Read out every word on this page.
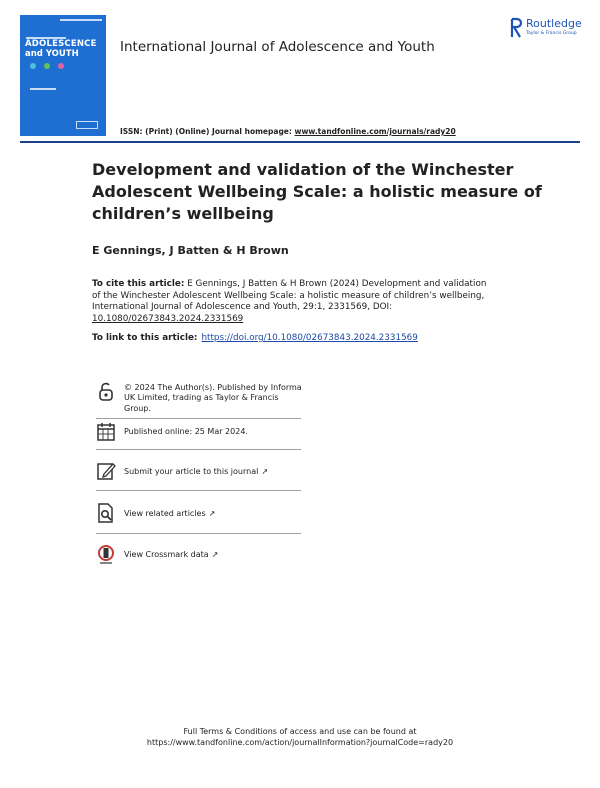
ADOLESCENCE
and YOUTH	International Journal of Adolescence and Youth
Routledge
Taylor & Francis Group
ISSN: (Print) (Online) Journal homepage: www.tandfonline.com/journals/rady20
Development and validation of the Winchester Adolescent Wellbeing Scale: a holistic measure of children’s wellbeing
E Gennings, J Batten & H Brown
To cite this article: E Gennings, J Batten & H Brown (2024) Development and validation of the Winchester Adolescent Wellbeing Scale: a holistic measure of children’s wellbeing, International Journal of Adolescence and Youth, 29:1, 2331569, DOI: 10.1080/02673843.2024.2331569
To link to this article: https://doi.org/10.1080/02673843.2024.2331569
© 2024 The Author(s). Published by Informa UK Limited, trading as Taylor & Francis Group.
Published online: 25 Mar 2024.
Submit your article to this journal ↗
View related articles ↗
View Crossmark data ↗
Full Terms & Conditions of access and use can be found at
https://www.tandfonline.com/action/journalInformation?journalCode=rady20
